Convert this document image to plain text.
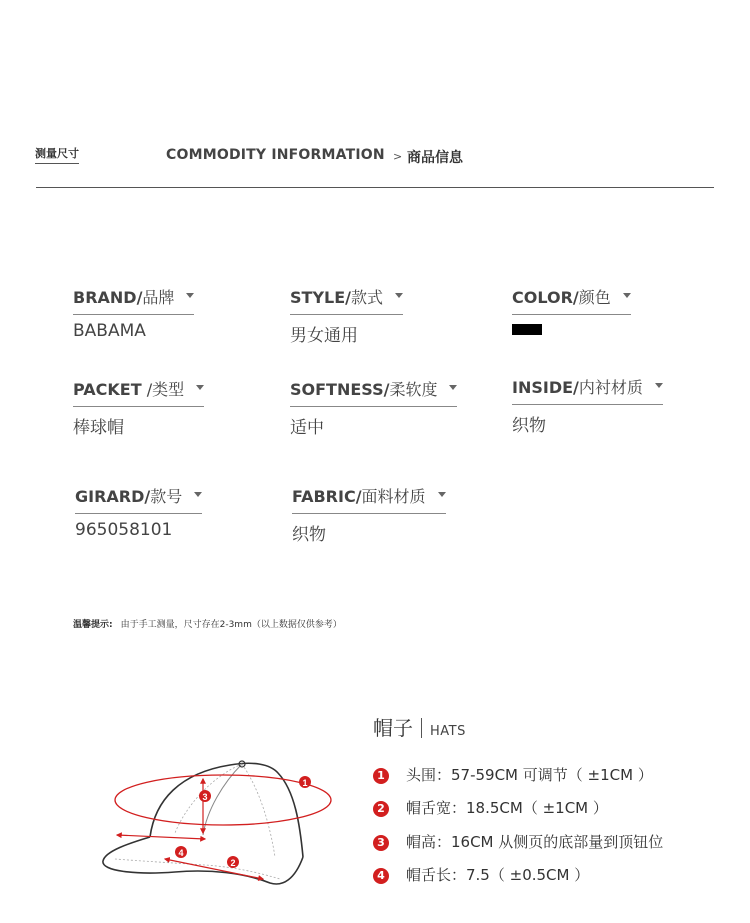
测量尺寸	COMMODITY INFORMATION > 商品信息
BRAND/品牌
BABAMA
STYLE/款式
男女通用
COLOR/颜色
PACKET /类型
棒球帽
SOFTNESS/柔软度
适中
INSIDE/内衬材质
织物
GIRARD/款号
965058101
FABRIC/面料材质
织物
温馨提示: 由于手工测量，尺寸存在2-3mm（以上数据仅供参考）
帽子 HATS
1 头围：57-59CM 可调节（ ±1CM ）
2 帽舌宽：18.5CM（ ±1CM ）
3 帽高：16CM 从侧页的底部量到顶钮位
4 帽舌长：7.5（ ±0.5CM ）
1
2
3
4
